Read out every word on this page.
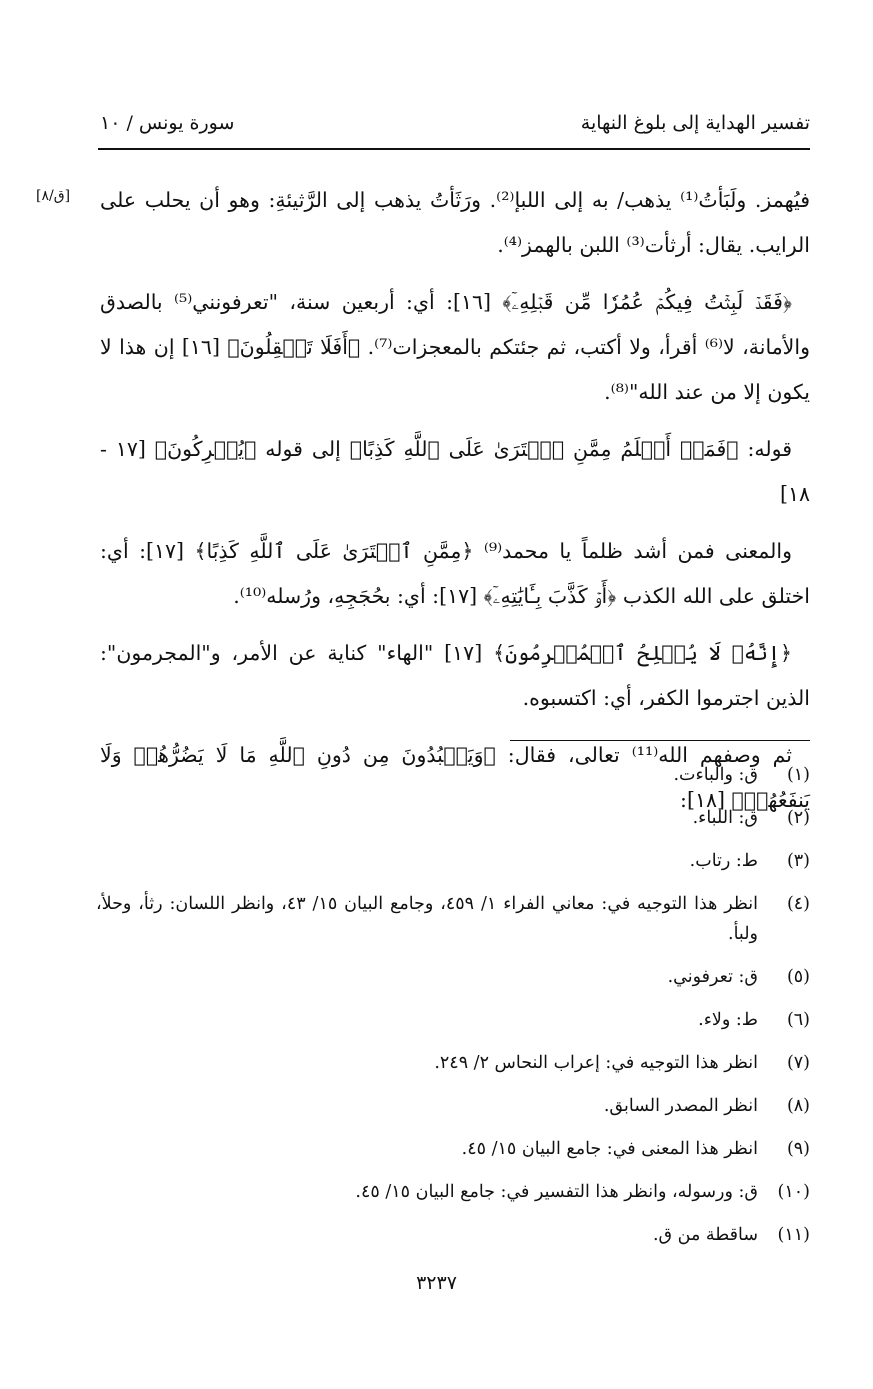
تفسير الهداية إلى بلوغ النهاية
سورة يونس / ١٠
[ق/٨] فيُهمز. ولَبَأتُ⁽¹⁾ يذهب/ به إلى اللبإ⁽²⁾. ورَثَأتُ يذهب إلى الرَّثيئةِ: وهو أن يحلب على الرايب. يقال: أرثأت⁽³⁾ اللبن بالهمز⁽⁴⁾.

﴿فَقَدۡ لَبِثۡتُ فِيكُمۡ عُمُرٗا مِّن قَبۡلِهِۦٓ﴾ [١٦]: أي: أربعين سنة، "تعرفونني⁽⁵⁾ بالصدق والأمانة، لا⁽⁶⁾ أقرأ، ولا أكتب، ثم جئتكم بالمعجزات⁽⁷⁾. ﴿أَفَلَا تَعۡقِلُونَ﴾ [١٦] إن هذا لا يكون إلا من عند الله"⁽⁸⁾.

قوله: ﴿فَمَنۡ أَظۡلَمُ مِمَّنِ ٱفۡتَرَىٰ عَلَى ٱللَّهِ كَذِبًا﴾ إلى قوله ﴿يُشۡرِكُونَ﴾ [١٧ - ١٨]

والمعنى فمن أشد ظلماً يا محمد⁽⁹⁾ ﴿مِمَّنِ ٱفۡتَرَىٰ عَلَى ٱللَّهِ كَذِبًا﴾ [١٧]: أي: اختلق على الله الكذب ﴿أَوۡ كَذَّبَ بِـَٔايَٰتِهِۦٓ﴾ [١٧]: أي: بحُجَجِهِ، ورُسله⁽¹⁰⁾.

﴿إِنَّهُۥ لَا يُفۡلِحُ ٱلۡمُجۡرِمُونَ﴾ [١٧] "الهاء" كناية عن الأمر، و"المجرمون": الذين اجترموا الكفر، أي: اكتسبوه.

ثم وصفهم الله⁽¹¹⁾ تعالى، فقال: ﴿وَيَعۡبُدُونَ مِن دُونِ ٱللَّهِ مَا لَا يَضُرُّهُمۡ وَلَا يَنفَعُهُمۡ﴾ [١٨]:

(١)
ق: والباءت.
(٢)
ق: اللباء.
(٣)
ط: رتاب.
(٤)
انظر هذا التوجيه في: معاني الفراء ١/ ٤٥٩، وجامع البيان ١٥/ ٤٣، وانظر اللسان: رثأ، وحلأ، ولبأ.
(٥)
ق: تعرفوني.
(٦)
ط: ولاء.
(٧)
انظر هذا التوجيه في: إعراب النحاس ٢/ ٢٤٩.
(٨)
انظر المصدر السابق.
(٩)
انظر هذا المعنى في: جامع البيان ١٥/ ٤٥.
(١٠)
ق: ورسوله، وانظر هذا التفسير في: جامع البيان ١٥/ ٤٥.
(١١)
ساقطة من ق.
٣٢٣٧
